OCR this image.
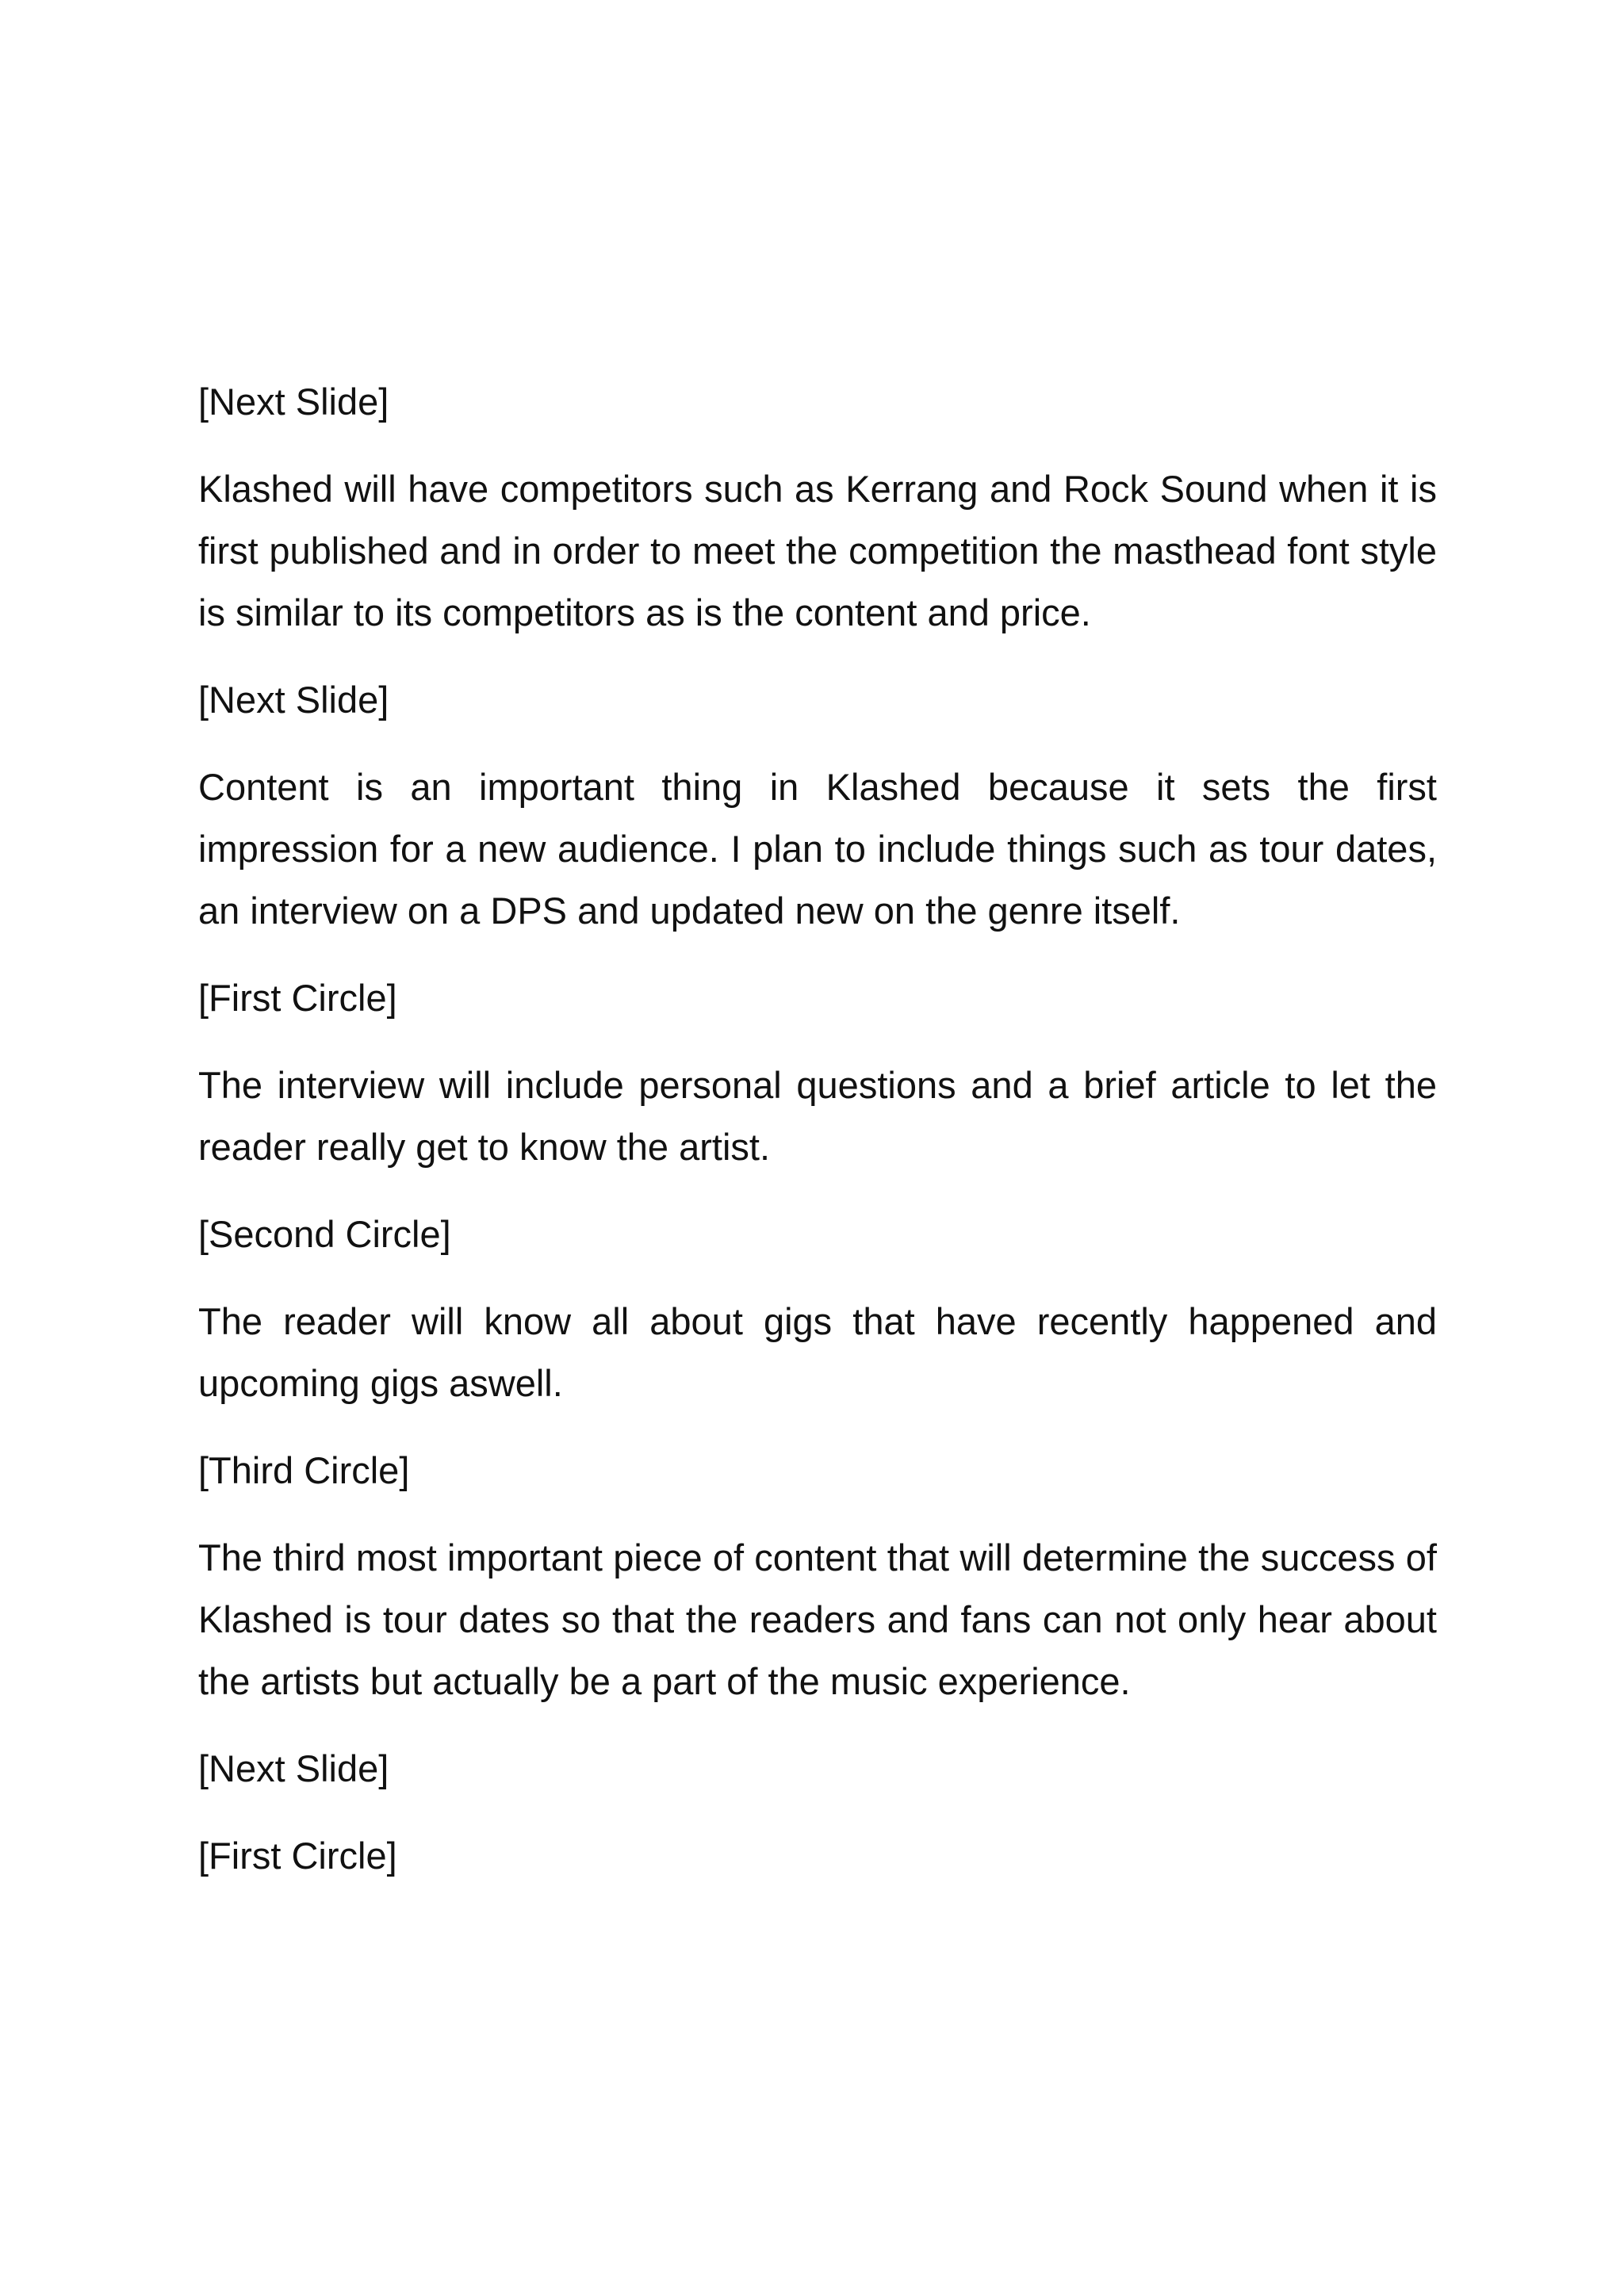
[Next Slide]

Klashed will have competitors such as Kerrang and Rock Sound when it is first published and in order to meet the competition the masthead font style is similar to its competitors as is the content and price.

[Next Slide]

Content is an important thing in Klashed because it sets the first impression for a new audience. I plan to include things such as tour dates, an interview on a DPS and updated new on the genre itself.

[First Circle]

The interview will include personal questions and a brief article to let the reader really get to know the artist.

[Second Circle]

The reader will know all about gigs that have recently happened and upcoming gigs aswell.

[Third Circle]

The third most important piece of content that will determine the success of Klashed is tour dates so that the readers and fans can not only hear about the artists but actually be a part of the music experience.

[Next Slide]

[First Circle]
